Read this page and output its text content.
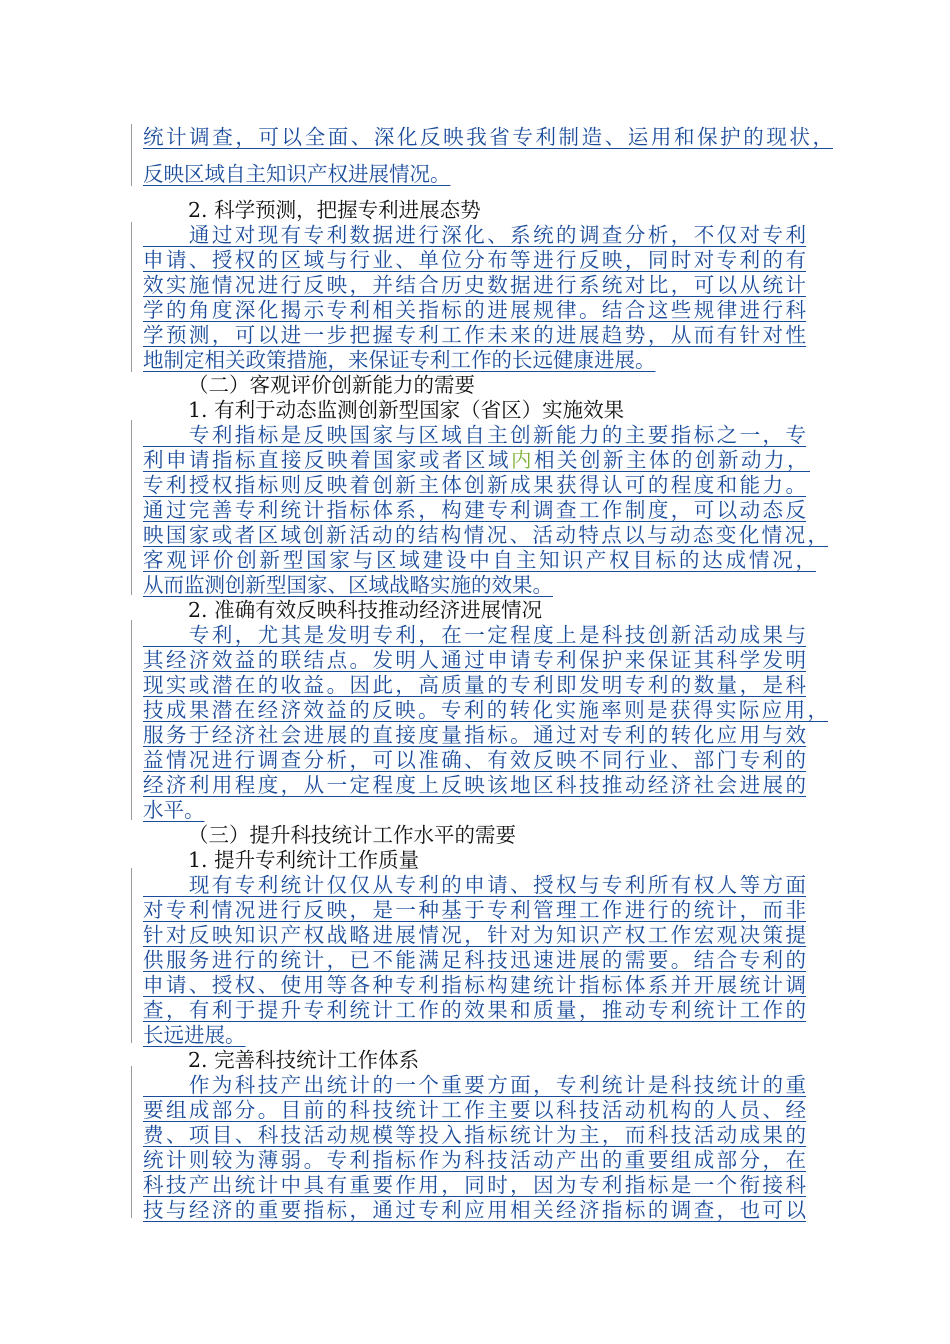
统计调查，可以全面、深化反映我省专利制造、运用和保护的现状，
反映区域自主知识产权进展情况。
2. 科学预测，把握专利进展态势
　　通过对现有专利数据进行深化、系统的调查分析，不仅对专利
申请、授权的区域与行业、单位分布等进行反映，同时对专利的有
效实施情况进行反映，并结合历史数据进行系统对比，可以从统计
学的角度深化揭示专利相关指标的进展规律。结合这些规律进行科
学预测，可以进一步把握专利工作未来的进展趋势，从而有针对性
地制定相关政策措施，来保证专利工作的长远健康进展。
（二）客观评价创新能力的需要
1. 有利于动态监测创新型国家（省区）实施效果
　　专利指标是反映国家与区域自主创新能力的主要指标之一，专
利申请指标直接反映着国家或者区域内相关创新主体的创新动力，
专利授权指标则反映着创新主体创新成果获得认可的程度和能力。
通过完善专利统计指标体系，构建专利调查工作制度，可以动态反
映国家或者区域创新活动的结构情况、活动特点以与动态变化情况，
客观评价创新型国家与区域建设中自主知识产权目标的达成情况，
从而监测创新型国家、区域战略实施的效果。
2. 准确有效反映科技推动经济进展情况
　　专利，尤其是发明专利，在一定程度上是科技创新活动成果与
其经济效益的联结点。发明人通过申请专利保护来保证其科学发明
现实或潜在的收益。因此，高质量的专利即发明专利的数量，是科
技成果潜在经济效益的反映。专利的转化实施率则是获得实际应用，
服务于经济社会进展的直接度量指标。通过对专利的转化应用与效
益情况进行调查分析，可以准确、有效反映不同行业、部门专利的
经济利用程度，从一定程度上反映该地区科技推动经济社会进展的
水平。
（三）提升科技统计工作水平的需要
1. 提升专利统计工作质量
　　现有专利统计仅仅从专利的申请、授权与专利所有权人等方面
对专利情况进行反映，是一种基于专利管理工作进行的统计，而非
针对反映知识产权战略进展情况，针对为知识产权工作宏观决策提
供服务进行的统计，已不能满足科技迅速进展的需要。结合专利的
申请、授权、使用等各种专利指标构建统计指标体系并开展统计调
查，有利于提升专利统计工作的效果和质量，推动专利统计工作的
长远进展。
2. 完善科技统计工作体系
　　作为科技产出统计的一个重要方面，专利统计是科技统计的重
要组成部分。目前的科技统计工作主要以科技活动机构的人员、经
费、项目、科技活动规模等投入指标统计为主，而科技活动成果的
统计则较为薄弱。专利指标作为科技活动产出的重要组成部分，在
科技产出统计中具有重要作用，同时，因为专利指标是一个衔接科
技与经济的重要指标，通过专利应用相关经济指标的调查，也可以
